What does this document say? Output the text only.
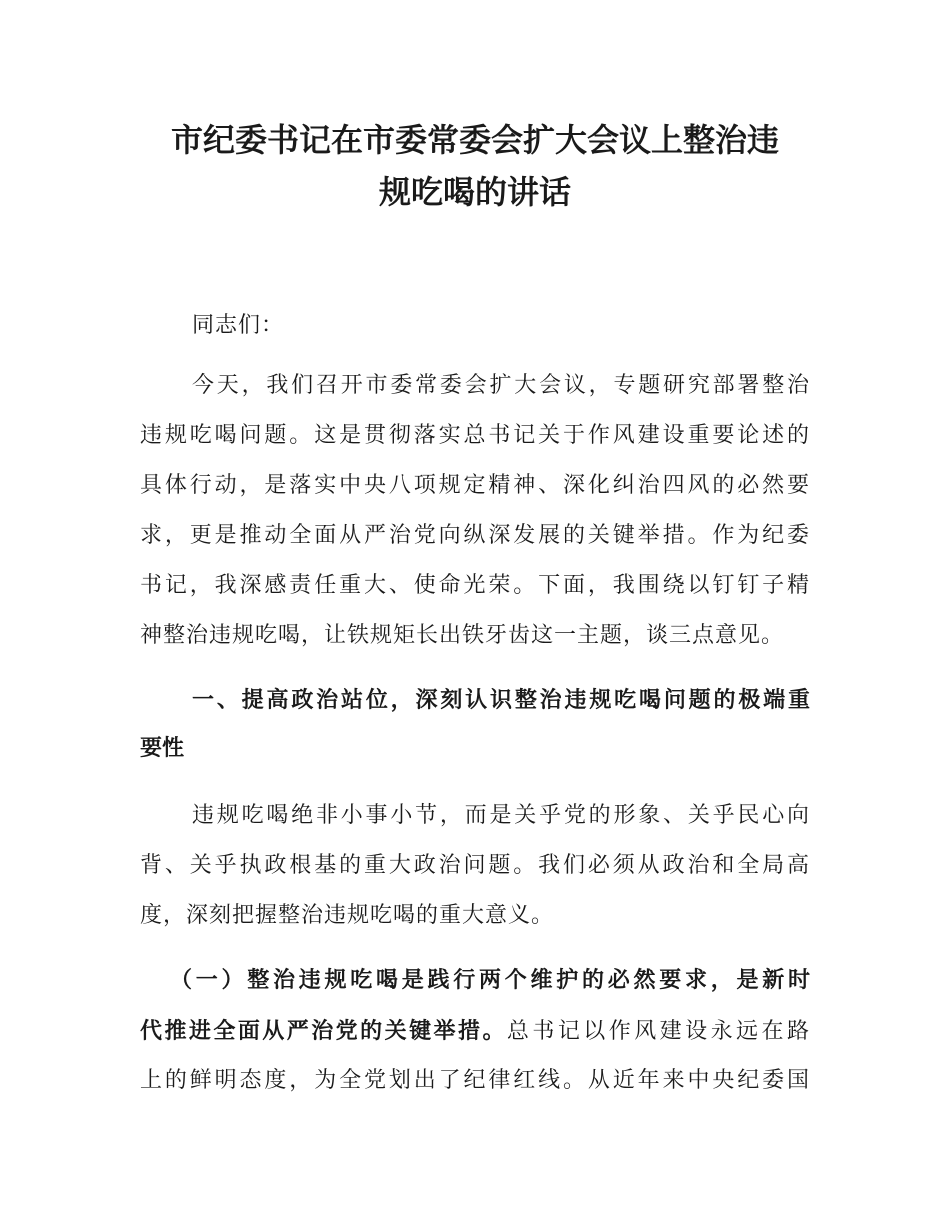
市纪委书记在市委常委会扩大会议上整治违
规吃喝的讲话

同志们：

今天，我们召开市委常委会扩大会议，专题研究部署整治

违规吃喝问题。这是贯彻落实总书记关于作风建设重要论述的

具体行动，是落实中央八项规定精神、深化纠治四风的必然要

求，更是推动全面从严治党向纵深发展的关键举措。作为纪委

书记，我深感责任重大、使命光荣。下面，我围绕以钉钉子精

神整治违规吃喝，让铁规矩长出铁牙齿这一主题，谈三点意见。

一、提高政治站位，深刻认识整治违规吃喝问题的极端重

要性

违规吃喝绝非小事小节，而是关乎党的形象、关乎民心向

背、关乎执政根基的重大政治问题。我们必须从政治和全局高

度，深刻把握整治违规吃喝的重大意义。

（一）整治违规吃喝是践行两个维护的必然要求，是新时

代推进全面从严治党的关键举措。总书记以作风建设永远在路

上的鲜明态度，为全党划出了纪律红线。从近年来中央纪委国
